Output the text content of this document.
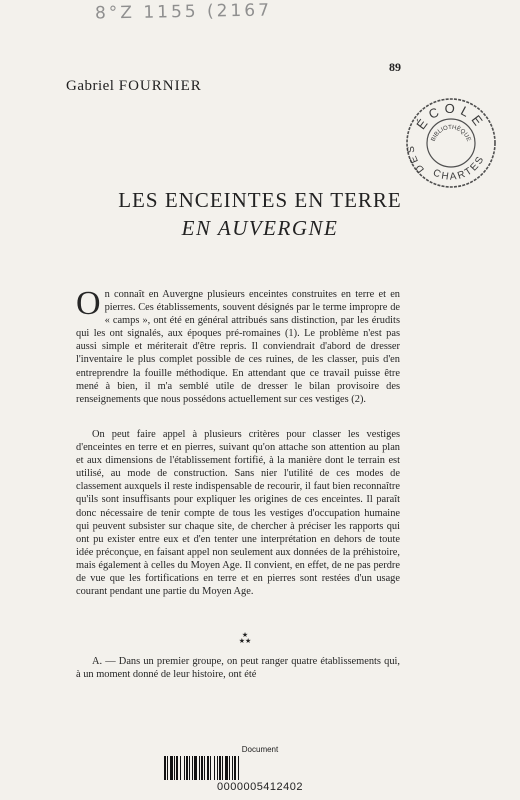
8°Z 1155 (2167
89
Gabriel FOURNIER
ÉCOLE
DES
CHARTES
BIBLIOTHÈQUE
LES ENCEINTES EN TERRE
EN AUVERGNE
On connaît en Auvergne plusieurs enceintes construites en terre et en pierres. Ces établissements, souvent désignés par le terme impropre de « camps », ont été en général attribués sans distinction, par les érudits qui les ont signalés, aux époques pré-romaines (1). Le problème n'est pas aussi simple et mériterait d'être repris. Il conviendrait d'abord de dresser l'inventaire le plus complet possible de ces ruines, de les classer, puis d'en entreprendre la fouille méthodique. En attendant que ce travail puisse être mené à bien, il m'a semblé utile de dresser le bilan provisoire des renseignements que nous possédons actuellement sur ces vestiges (2).
On peut faire appel à plusieurs critères pour classer les vestiges d'enceintes en terre et en pierres, suivant qu'on attache son attention au plan et aux dimensions de l'établissement fortifié, à la manière dont le terrain est utilisé, au mode de construction. Sans nier l'utilité de ces modes de classement auxquels il reste indispensable de recourir, il faut bien reconnaître qu'ils sont insuffisants pour expliquer les origines de ces enceintes. Il paraît donc nécessaire de tenir compte de tous les vestiges d'occupation humaine qui peuvent subsister sur chaque site, de chercher à préciser les rapports qui ont pu exister entre eux et d'en tenter une interprétation en dehors de toute idée préconçue, en faisant appel non seulement aux données de la préhistoire, mais également à celles du Moyen Age. Il convient, en effet, de ne pas perdre de vue que les fortifications en terre et en pierres sont restées d'un usage courant pendant une partie du Moyen Age.
★
★★
A. — Dans un premier groupe, on peut ranger quatre établissements qui, à un moment donné de leur histoire, ont été
Document
0000005412402
